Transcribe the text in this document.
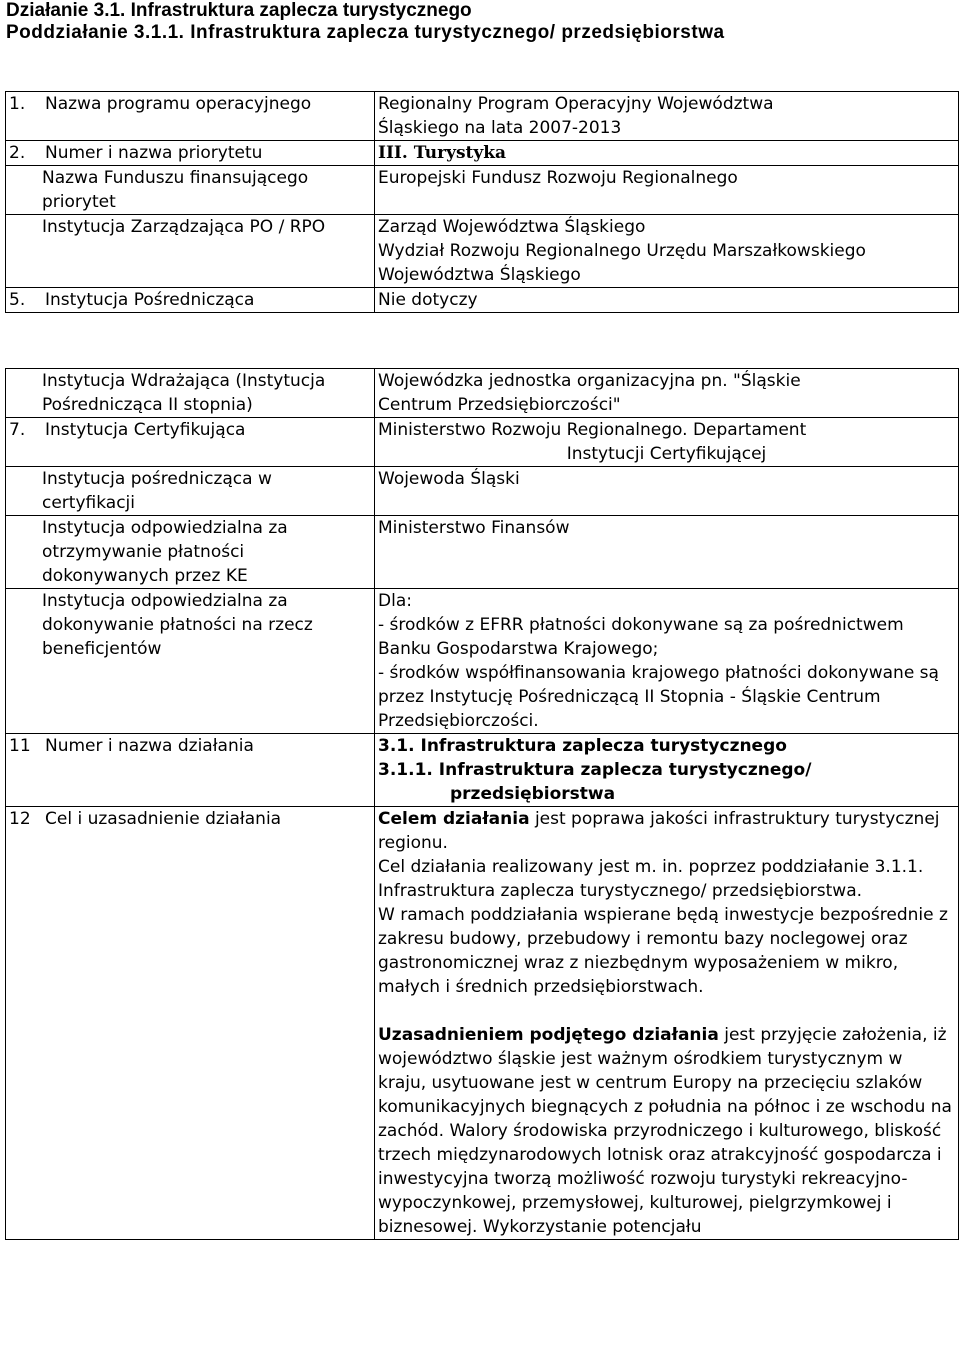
Działanie 3.1. Infrastruktura zaplecza turystycznego
Poddziałanie 3.1.1. Infrastruktura zaplecza turystycznego/ przedsiębiorstwa
1. Nazwa programu operacyjnego	Regionalny Program Operacyjny Województwa
Śląskiego na lata 2007-2013
2. Numer i nazwa priorytetu	III. Turystyka
Nazwa Funduszu finansującego priorytet	Europejski Fundusz Rozwoju Regionalnego
Instytucja Zarządzająca PO / RPO	Zarząd Województwa Śląskiego
Wydział Rozwoju Regionalnego Urzędu Marszałkowskiego Województwa Śląskiego
5. Instytucja Pośrednicząca	Nie dotyczy
Instytucja Wdrażająca (Instytucja Pośrednicząca II stopnia)	Wojewódzka jednostka organizacyjna pn. "Śląskie Centrum Przedsiębiorczości"
7. Instytucja Certyfikująca	Ministerstwo Rozwoju Regionalnego. Departament

Instytucji Certyfikującej

Instytucja pośrednicząca w certyfikacji	Wojewoda Śląski
Instytucja odpowiedzialna za otrzymywanie płatności dokonywanych przez KE	Ministerstwo Finansów
Instytucja odpowiedzialna za dokonywanie płatności na rzecz beneficjentów	Dla:
- środków z EFRR płatności dokonywane są za pośrednictwem Banku Gospodarstwa Krajowego;
- środków współfinansowania krajowego płatności dokonywane są przez Instytucję Pośredniczącą II Stopnia - Śląskie Centrum Przedsiębiorczości.
11 Numer i nazwa działania	3.1. Infrastruktura zaplecza turystycznego
3.1.1. Infrastruktura zaplecza turystycznego/

przedsiębiorstwa

12 Cel i uzasadnienie działania	Celem działania jest poprawa jakości infrastruktury turystycznej regionu.
Cel działania realizowany jest m. in. poprzez poddziałanie 3.1.1. Infrastruktura zaplecza turystycznego/ przedsiębiorstwa.
W ramach poddziałania wspierane będą inwestycje bezpośrednie z zakresu budowy, przebudowy i remontu bazy noclegowej oraz gastronomicznej wraz z niezbędnym wyposażeniem w mikro, małych i średnich przedsiębiorstwach.
Uzasadnieniem podjętego działania jest przyjęcie założenia, iż województwo śląskie jest ważnym ośrodkiem turystycznym w kraju, usytuowane jest w centrum Europy na przecięciu szlaków komunikacyjnych biegnących z południa na północ i ze wschodu na zachód. Walory środowiska przyrodniczego i kulturowego, bliskość trzech międzynarodowych lotnisk oraz atrakcyjność gospodarcza i inwestycyjna tworzą możliwość rozwoju turystyki rekreacyjno-wypoczynkowej, przemysłowej, kulturowej, pielgrzymkowej i biznesowej. Wykorzystanie potencjału
